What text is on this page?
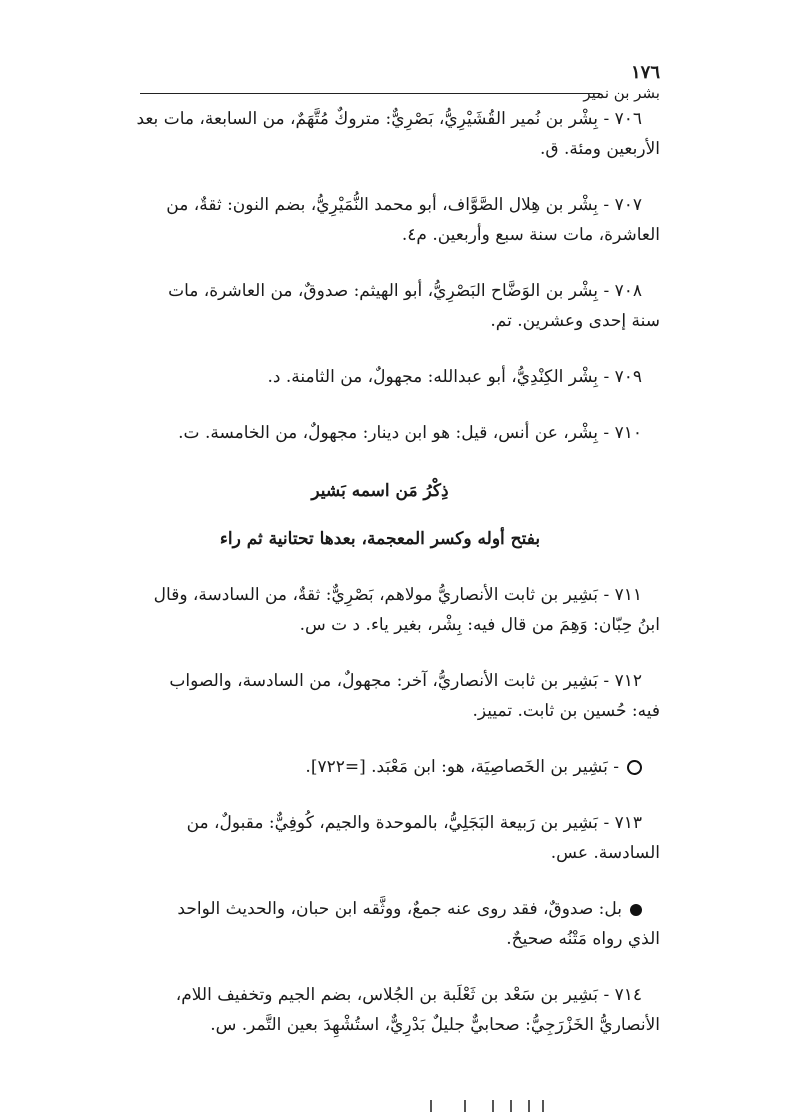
١٧٦
بشر بن نمير
٧٠٦ - بِشْر بن نُمير القُشَيْرِيُّ، بَصْرِيٌّ: متروكٌ مُتَّهَمٌ، من السابعة، مات بعد
الأربعين ومئة. ق.
٧٠٧ - بِشْر بن هِلال الصَّوَّاف، أبو محمد النُّمَيْرِيُّ، بضم النون: ثقةٌ، من
العاشرة، مات سنة سبع وأربعين. م٤.
٧٠٨ - بِشْر بن الوَضَّاح البَصْرِيُّ، أبو الهيثم: صدوقٌ، من العاشرة، مات
سنة إحدى وعشرين. تم.
٧٠٩ - بِشْر الكِنْدِيُّ، أبو عبدالله: مجهولٌ، من الثامنة. د.
٧١٠ - بِشْر، عن أنس، قيل: هو ابن دينار: مجهولٌ، من الخامسة. ت.
ذِكْرُ مَن اسمه بَشير
بفتح أوله وكسر المعجمة، بعدها تحتانية ثم راء
٧١١ - بَشِير بن ثابت الأنصاريُّ مولاهم، بَصْرِيٌّ: ثقةٌ، من السادسة، وقال
ابنُ حِبّان: وَهِمَ من قال فيه: بِشْر، بغير ياء. د ت س.
٧١٢ - بَشِير بن ثابت الأنصاريُّ، آخر: مجهولٌ، من السادسة، والصواب
فيه: حُسين بن ثابت. تمييز.
- بَشِير بن الخَصاصِيَة، هو: ابن مَعْبَد. [=٧٢٢].
٧١٣ - بَشِير بن رَبيعة البَجَلِيُّ، بالموحدة والجيم، كُوفِيٌّ: مقبولٌ، من
السادسة. عس.
بل: صدوقٌ، فقد روى عنه جمعٌ، ووثَّقه ابن حبان، والحديث الواحد
الذي رواه مَتْنُه صحيحٌ.
٧١٤ - بَشِير بن سَعْد بن ثَعْلَبة بن الجُلاس، بضم الجيم وتخفيف اللام،
الأنصاريُّ الخَزْرَجِيُّ: صحابيٌّ جليلٌ بَدْرِيٌّ، استُشْهِدَ بعين التَّمر. س.
